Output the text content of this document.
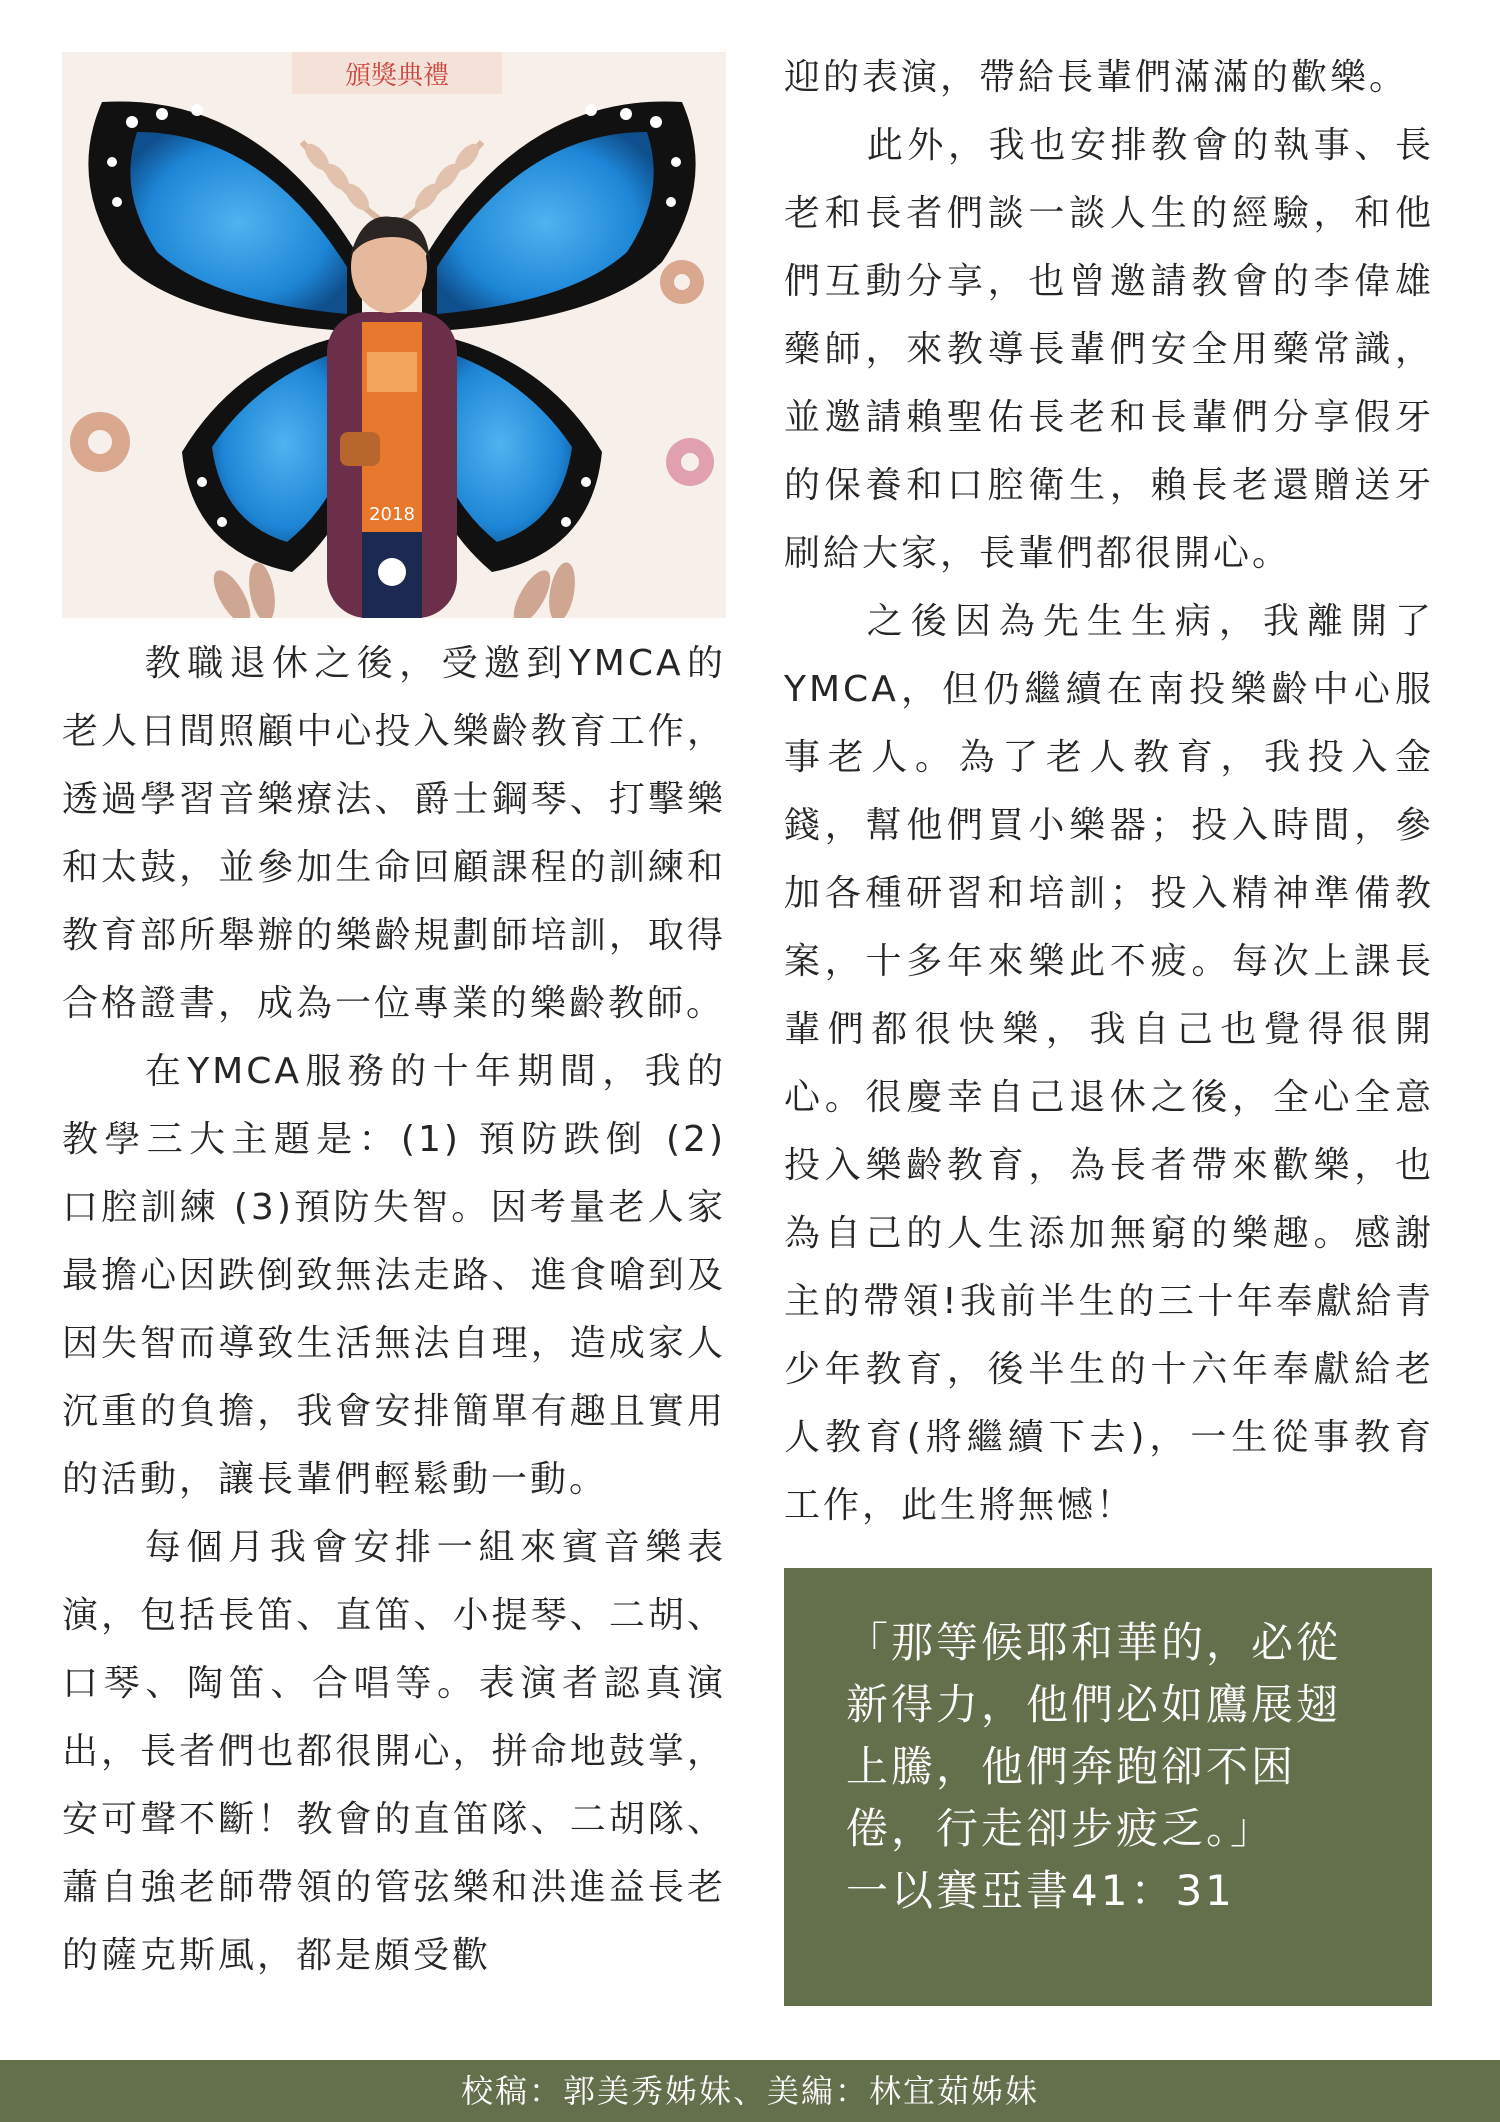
頒獎典禮
2018

教職退休之後，受邀到YMCA的老人日間照顧中心投入樂齡教育工作，透過學習音樂療法、爵士鋼琴、打擊樂和太鼓，並參加生命回顧課程的訓練和教育部所舉辦的樂齡規劃師培訓，取得合格證書，成為一位專業的樂齡教師。

在YMCA服務的十年期間，我的教學三大主題是：(1) 預防跌倒 (2) 口腔訓練 (3)預防失智。因考量老人家最擔心因跌倒致無法走路、進食嗆到及因失智而導致生活無法自理，造成家人沉重的負擔，我會安排簡單有趣且實用的活動，讓長輩們輕鬆動一動。

每個月我會安排一組來賓音樂表演，包括長笛、直笛、小提琴、二胡、口琴、陶笛、合唱等。表演者認真演出，長者們也都很開心，拼命地鼓掌，安可聲不斷！教會的直笛隊、二胡隊、蕭自強老師帶領的管弦樂和洪進益長老的薩克斯風，都是頗受歡

迎的表演，帶給長輩們滿滿的歡樂。

此外，我也安排教會的執事、長老和長者們談一談人生的經驗，和他們互動分享，也曾邀請教會的李偉雄藥師，來教導長輩們安全用藥常識，並邀請賴聖佑長老和長輩們分享假牙的保養和口腔衛生，賴長老還贈送牙刷給大家，長輩們都很開心。

之後因為先生生病，我離開了YMCA，但仍繼續在南投樂齡中心服事老人。為了老人教育，我投入金錢，幫他們買小樂器；投入時間，參加各種研習和培訓；投入精神準備教案，十多年來樂此不疲。每次上課長輩們都很快樂，我自己也覺得很開心。很慶幸自己退休之後，全心全意投入樂齡教育，為長者帶來歡樂，也為自己的人生添加無窮的樂趣。感謝主的帶領!我前半生的三十年奉獻給青少年教育，後半生的十六年奉獻給老人教育(將繼續下去)，一生從事教育工作，此生將無憾！

「那等候耶和華的，必從
新得力，他們必如鷹展翅
上騰，他們奔跑卻不困
倦，行走卻步疲乏。」
一以賽亞書41：31
校稿：郭美秀姊妹、美編：林宜茹姊妹
